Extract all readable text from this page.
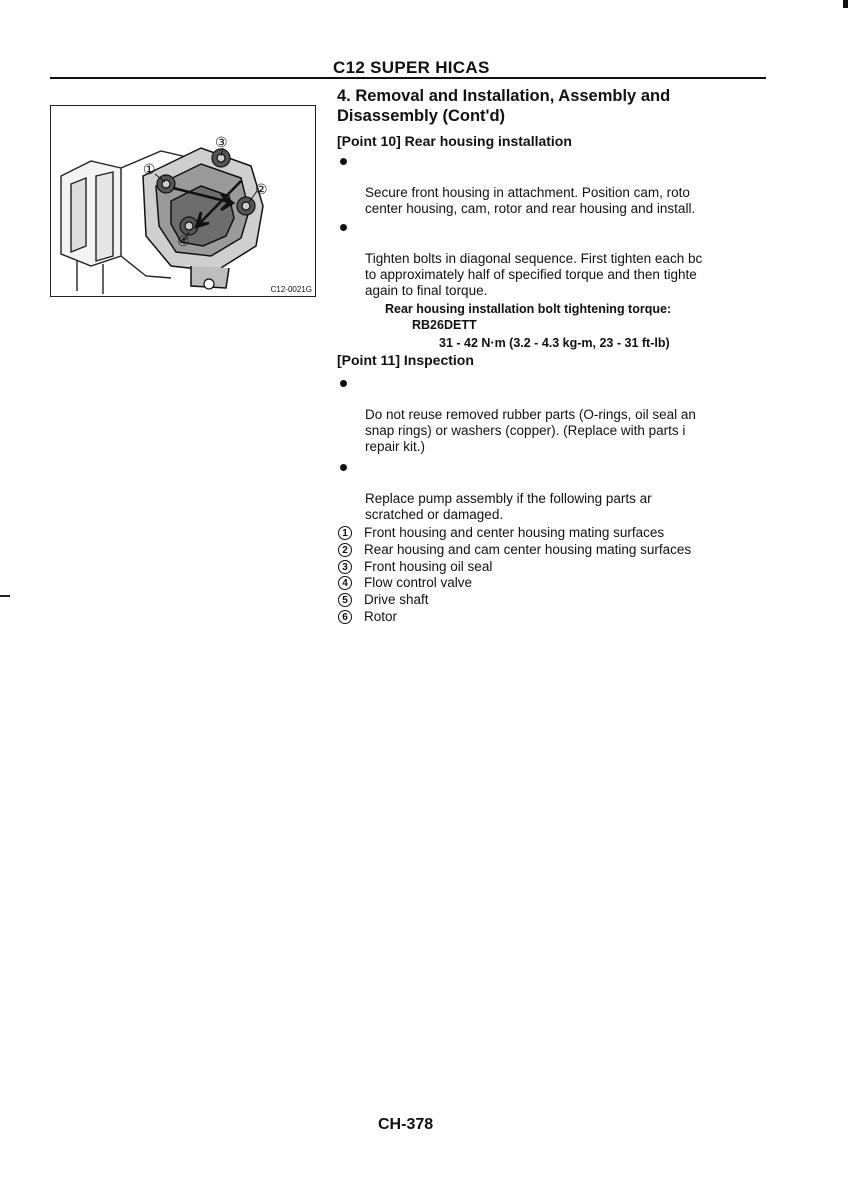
C12 SUPER HICAS
①
③
②
④
C12-0021G

4. Removal and Installation, Assembly and

Disassembly (Cont'd)

[Point 10] Rear housing installation

Secure front housing in attachment. Position cam, roto
center housing, cam, rotor and rear housing and install.

Tighten bolts in diagonal sequence. First tighten each bc
to approximately half of specified torque and then tighte
again to final torque.

Rear housing installation bolt tightening torque:
RB26DETT
31 - 42 N·m (3.2 - 4.3 kg-m, 23 - 31 ft-lb)

[Point 11] Inspection

Do not reuse removed rubber parts (O-rings, oil seal an
snap rings) or washers (copper). (Replace with parts i
repair kit.)

Replace pump assembly if the following parts ar
scratched or damaged.

1	Front housing and center housing mating surfaces
2	Rear housing and cam center housing mating surfaces
3	Front housing oil seal
4	Flow control valve
5	Drive shaft
6	Rotor
CH-378
